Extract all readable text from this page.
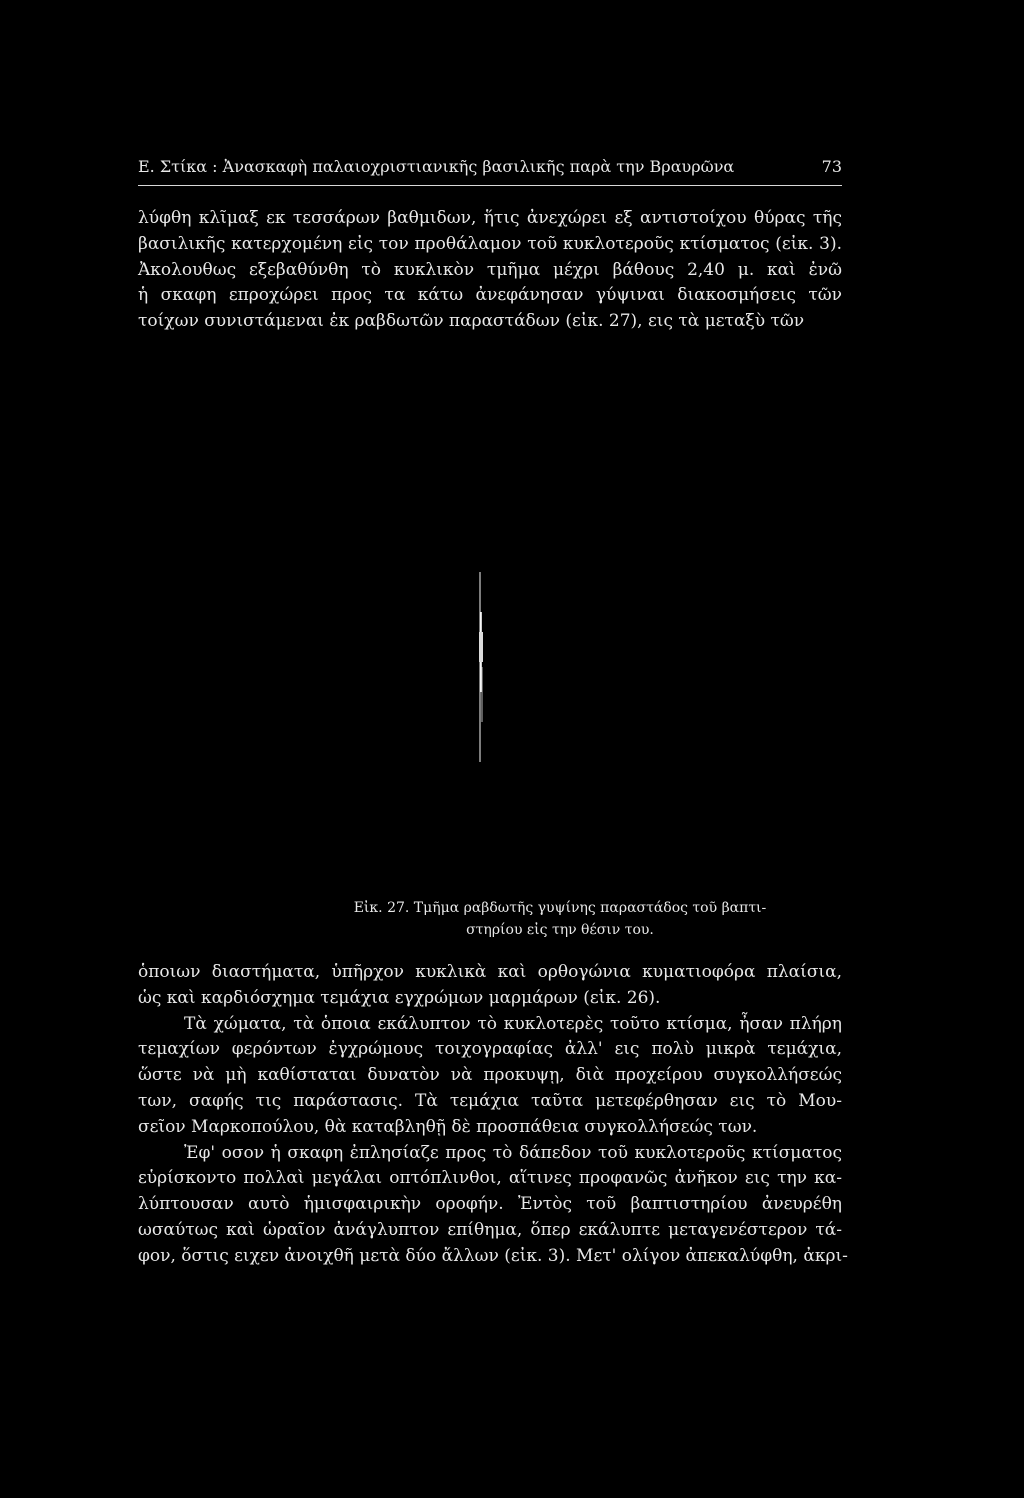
Ε. Στίκα : Ἀνασκαφὴ παλαιοχριστιανικῆς βασιλικῆς παρὰ την Βραυρῶνα	73
λύφθη κλῖμαξ εκ τεσσάρων βαθμιδων, ἥτις ἀνεχώρει εξ αντιστοίχου θύρας τῆς
βασιλικῆς κατερχομένη εἰς τον προθάλαμον τοῦ κυκλοτεροῦς κτίσματος (εἰκ. 3).
Ἀκολουθως εξεβαθύνθη τὸ κυκλικὸν τμῆμα μέχρι βάθους 2,40 μ. καὶ ἐνῶ
ἡ σκαφη επροχώρει προς τα κάτω ἀνεφάνησαν γύψιναι διακοσμήσεις τῶν
τοίχων συνιστάμεναι ἐκ ραβδωτῶν παραστάδων (εἰκ. 27), εις τὰ μεταξὺ τῶν
Εἰκ. 27. Τμῆμα ραβδωτῆς γυψίνης παραστάδος τοῦ βαπτι-
στηρίου εἰς την θέσιν του.
ὁποιων διαστήματα, ὑπῆρχον κυκλικὰ καὶ ορθογώνια κυματιοφόρα πλαίσια,
ὡς καὶ καρδιόσχημα τεμάχια εγχρώμων μαρμάρων (εἰκ. 26).
Τὰ χώματα, τὰ ὁποια εκάλυπτον τὸ κυκλοτερὲς τοῦτο κτίσμα, ἦσαν πλήρη
τεμαχίων φερόντων ἐγχρώμους τοιχογραφίας ἀλλ' εις πολὺ μικρὰ τεμάχια,
ὥστε νὰ μὴ καθίσταται δυνατὸν νὰ προκυψῃ, διὰ προχείρου συγκολλήσεώς
των, σαφής τις παράστασις. Τὰ τεμάχια ταῦτα μετεφέρθησαν εις τὸ Μου-
σεῖον Μαρκοπούλου, θὰ καταβληθῇ δὲ προσπάθεια συγκολλήσεώς των.
Ἐφ' οσον ἡ σκαφη ἐπλησίαζε προς τὸ δάπεδον τοῦ κυκλοτεροῦς κτίσματος
εὑρίσκοντο πολλαὶ μεγάλαι οπτόπλινθοι, αἵτινες προφανῶς ἀνῆκον εις την κα-
λύπτουσαν αυτὸ ἡμισφαιρικὴν οροφήν. Ἐντὸς τοῦ βαπτιστηρίου ἀνευρέθη
ωσαύτως καὶ ὡραῖον ἀνάγλυπτον επίθημα, ὅπερ εκάλυπτε μεταγενέστερον τά-
φον, ὅστις ειχεν ἀνοιχθῆ μετὰ δύο ἄλλων (εἰκ. 3). Μετ' ολίγον ἀπεκαλύφθη, ἀκρι-
